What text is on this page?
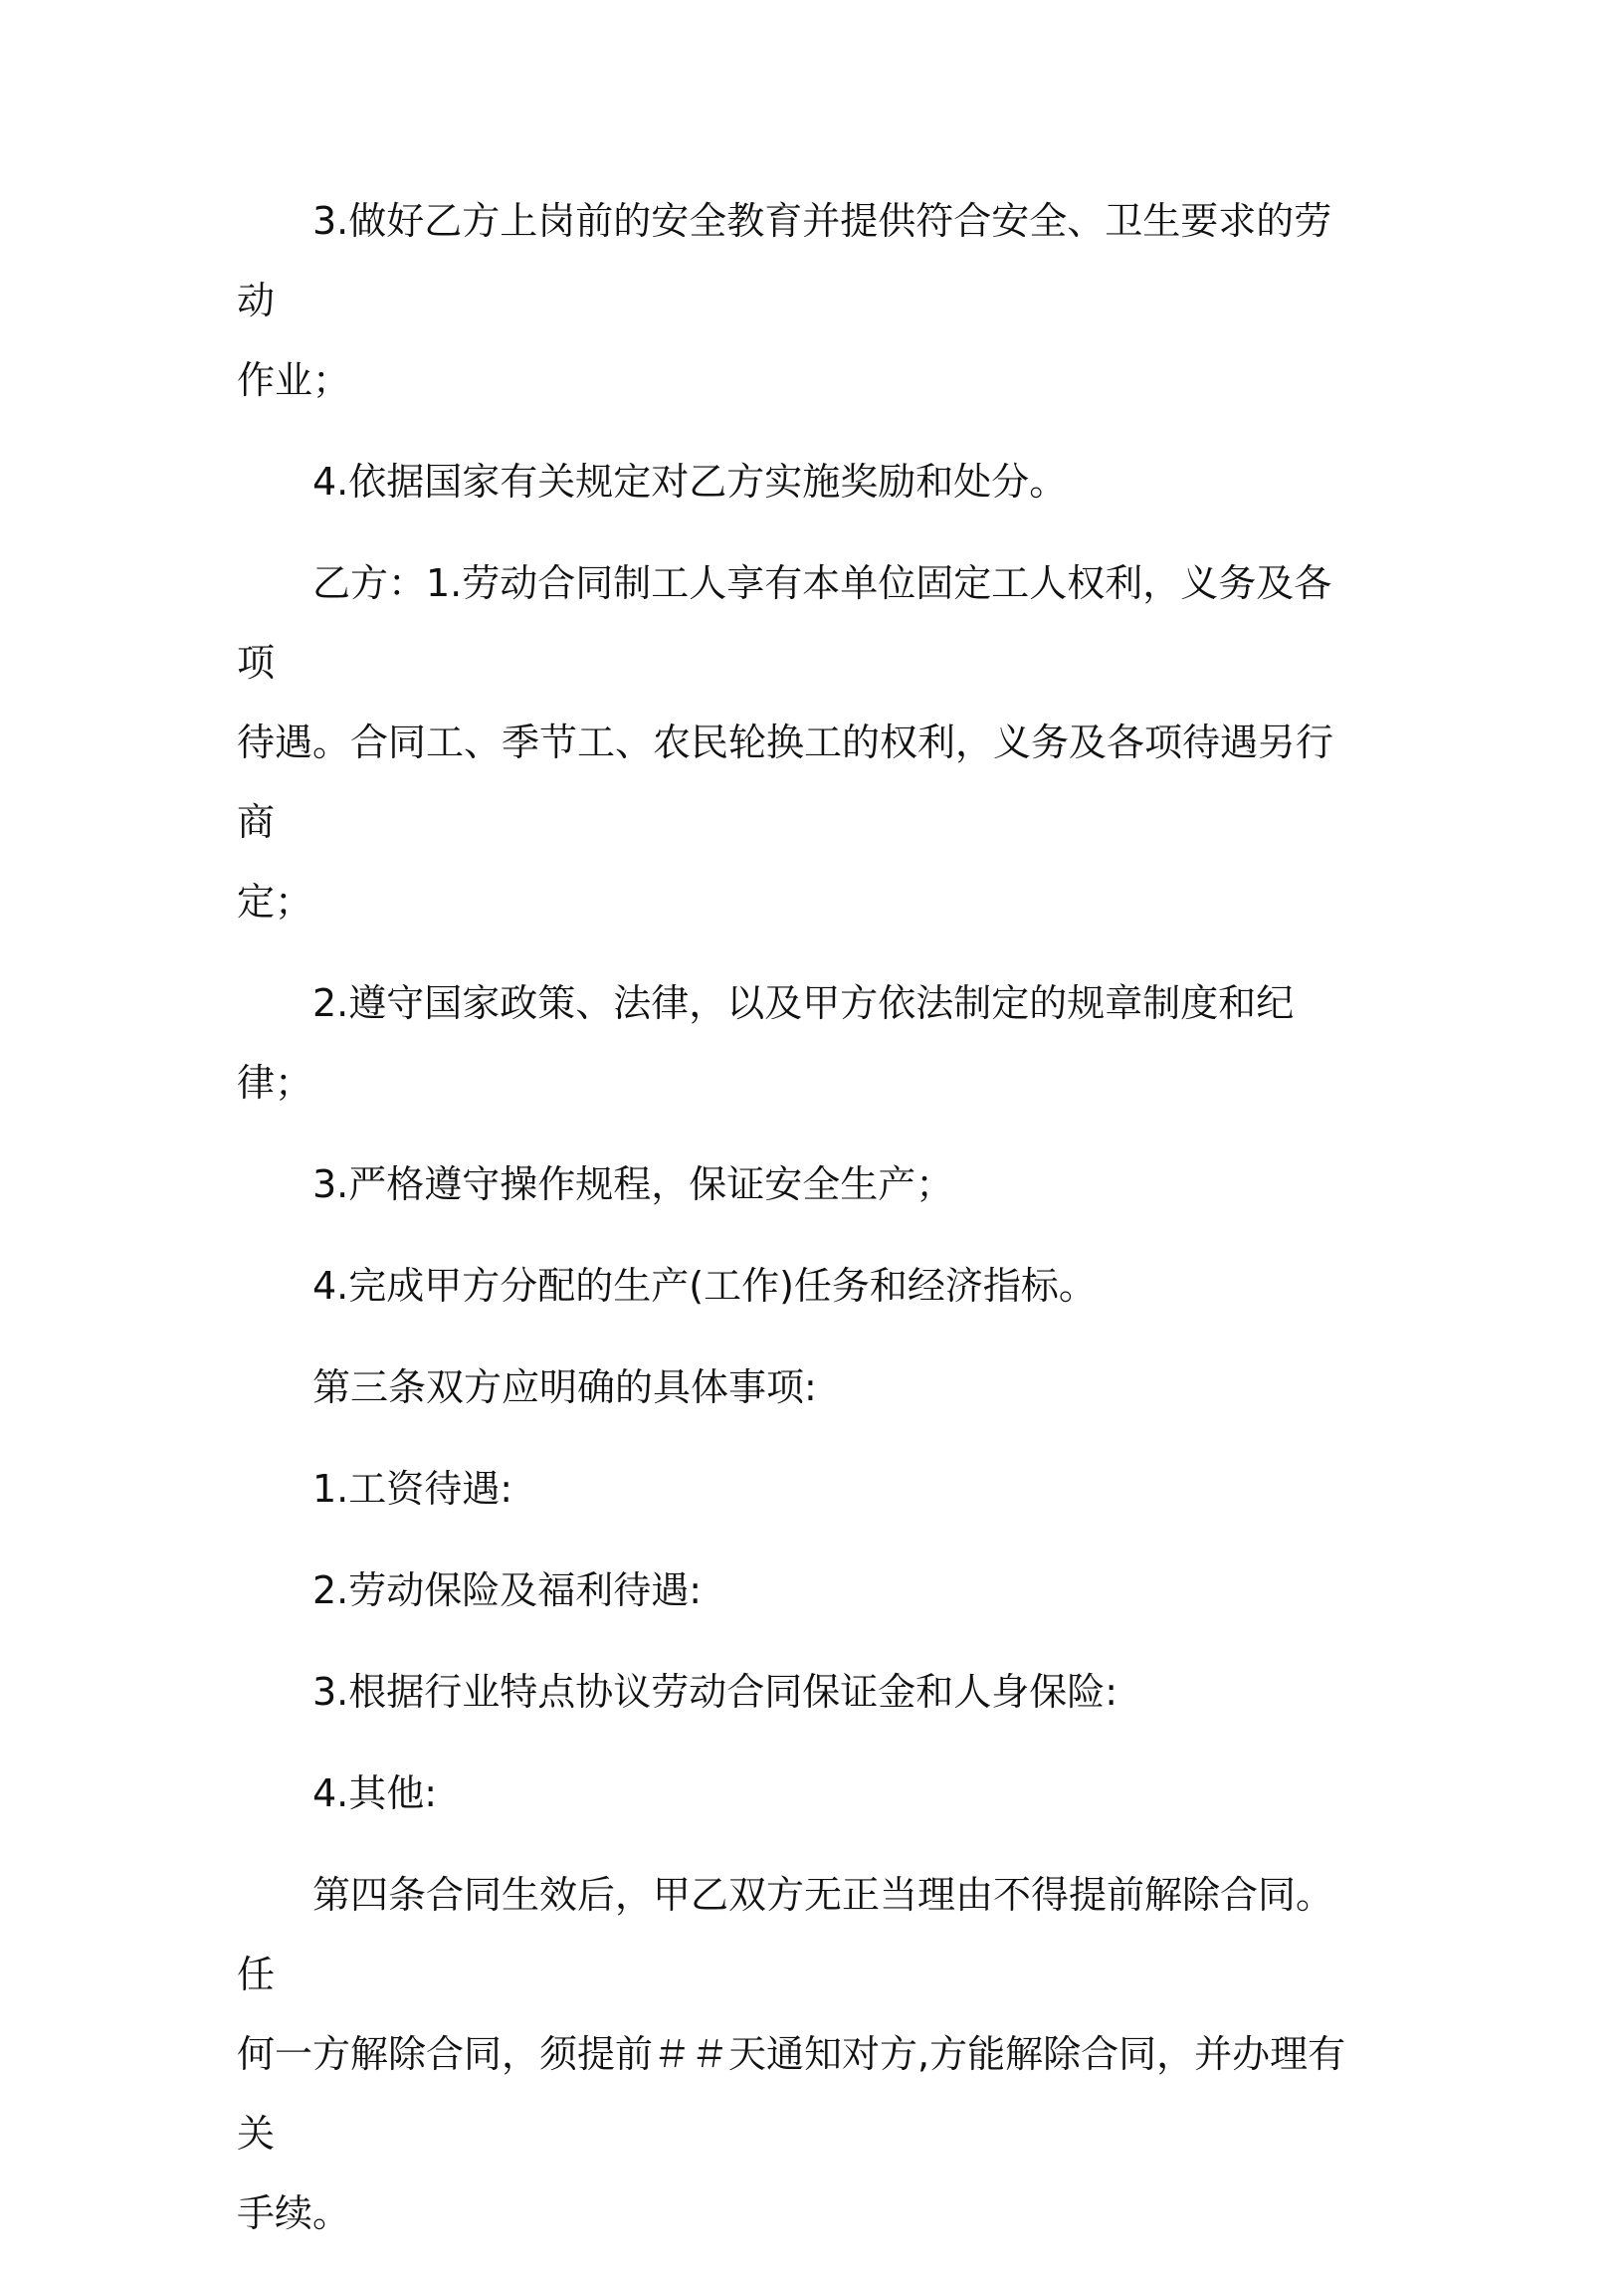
3.做好乙方上岗前的安全教育并提供符合安全、卫生要求的劳动
作业；

4.依据国家有关规定对乙方实施奖励和处分。

乙方：1.劳动合同制工人享有本单位固定工人权利，义务及各项
待遇。合同工、季节工、农民轮换工的权利，义务及各项待遇另行商
定；

2.遵守国家政策、法律，以及甲方依法制定的规章制度和纪律；

3.严格遵守操作规程，保证安全生产；

4.完成甲方分配的生产(工作)任务和经济指标。

第三条双方应明确的具体事项:

1.工资待遇:

2.劳动保险及福利待遇:

3.根据行业特点协议劳动合同保证金和人身保险:

4.其他:

第四条合同生效后，甲乙双方无正当理由不得提前解除合同。任
何一方解除合同，须提前＃＃天通知对方,方能解除合同，并办理有关
手续。
